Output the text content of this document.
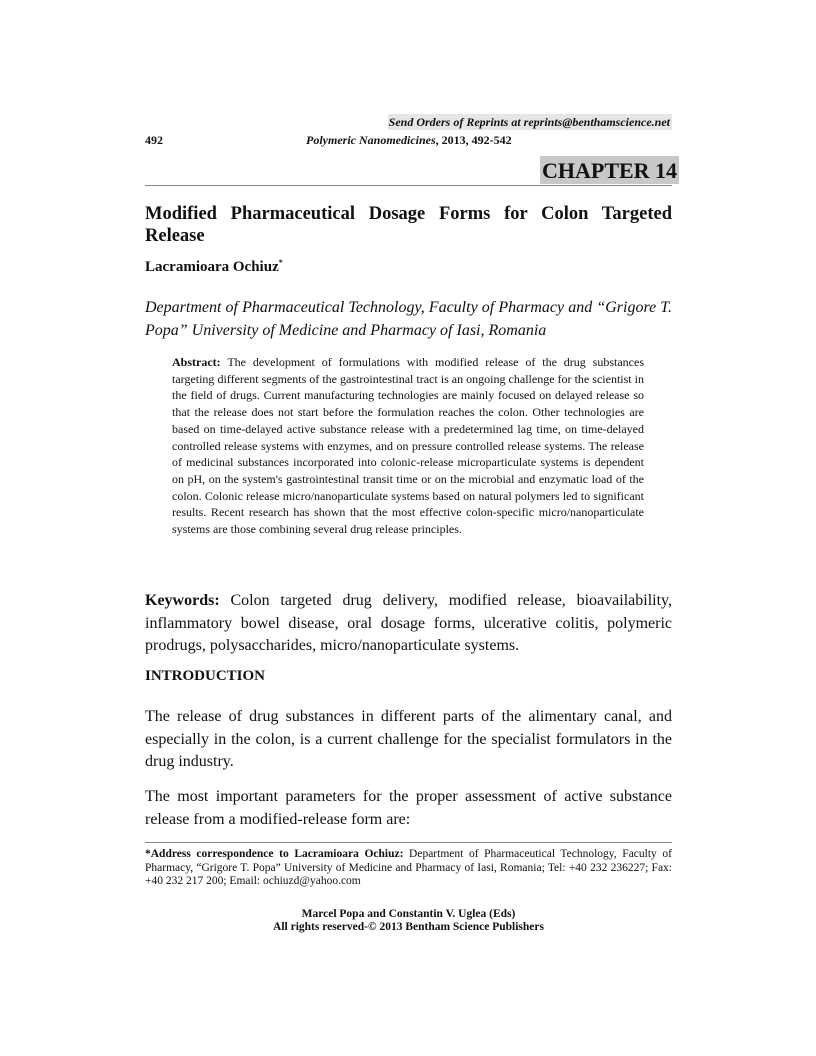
Send Orders of Reprints at reprints@benthamscience.net
492	Polymeric Nanomedicines, 2013, 492-542
CHAPTER 14
Modified Pharmaceutical Dosage Forms for Colon Targeted Release
Lacramioara Ochiuz*
Department of Pharmaceutical Technology, Faculty of Pharmacy and “Grigore T. Popa” University of Medicine and Pharmacy of Iasi, Romania
Abstract: The development of formulations with modified release of the drug substances targeting different segments of the gastrointestinal tract is an ongoing challenge for the scientist in the field of drugs. Current manufacturing technologies are mainly focused on delayed release so that the release does not start before the formulation reaches the colon. Other technologies are based on time-delayed active substance release with a predetermined lag time, on time-delayed controlled release systems with enzymes, and on pressure controlled release systems. The release of medicinal substances incorporated into colonic-release microparticulate systems is dependent on pH, on the system's gastrointestinal transit time or on the microbial and enzymatic load of the colon. Colonic release micro/nanoparticulate systems based on natural polymers led to significant results. Recent research has shown that the most effective colon-specific micro/nanoparticulate systems are those combining several drug release principles.
Keywords: Colon targeted drug delivery, modified release, bioavailability, inflammatory bowel disease, oral dosage forms, ulcerative colitis, polymeric prodrugs, polysaccharides, micro/nanoparticulate systems.
INTRODUCTION
The release of drug substances in different parts of the alimentary canal, and especially in the colon, is a current challenge for the specialist formulators in the drug industry.
The most important parameters for the proper assessment of active substance release from a modified-release form are:
*Address correspondence to Lacramioara Ochiuz: Department of Pharmaceutical Technology, Faculty of Pharmacy, “Grigore T. Popa” University of Medicine and Pharmacy of Iasi, Romania; Tel: +40 232 236227; Fax: +40 232 217 200; Email: ochiuzd@yahoo.com
Marcel Popa and Constantin V. Uglea (Eds)
All rights reserved-© 2013 Bentham Science Publishers
